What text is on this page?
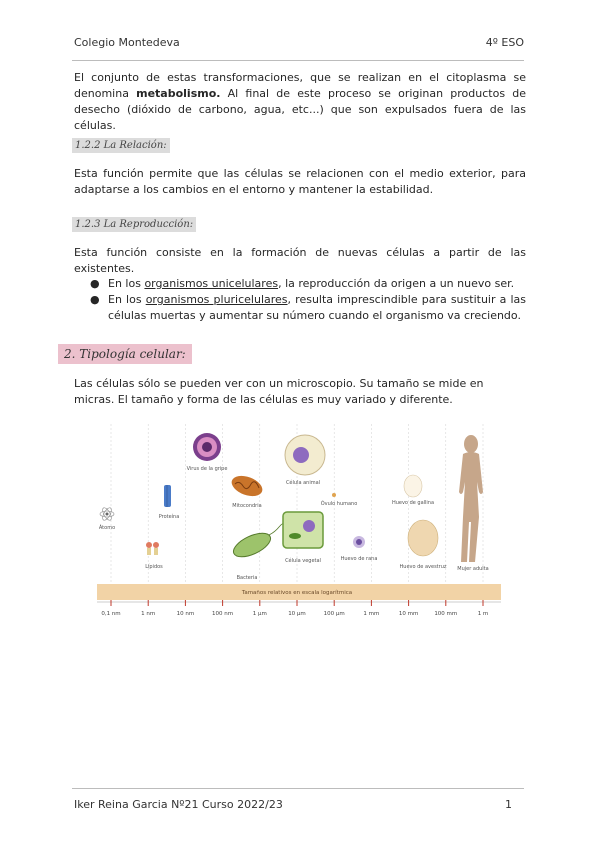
Colegio Montedeva	4º ESO
El conjunto de estas transformaciones, que se realizan en el citoplasma se denomina metabolismo. Al final de este proceso se originan productos de desecho (dióxido de carbono, agua, etc...) que son expulsados fuera de las células.
1.2.2 La Relación:
Esta función permite que las células se relacionen con el medio exterior, para adaptarse a los cambios en el entorno y mantener la estabilidad.
1.2.3 La Reproducción:
Esta función consiste en la formación de nuevas células a partir de las existentes.
● En los organismos unicelulares, la reproducción da origen a un nuevo ser.
● En los organismos pluricelulares, resulta imprescindible para sustituir a las células muertas y aumentar su número cuando el organismo va creciendo.
2. Tipología celular:
Las células sólo se pueden ver con un microscopio. Su tamaño se mide en micras. El tamaño y forma de las células es muy variado y diferente.
Átomo
Lípidos
Proteína
Virus de la gripe
Mitocondria
Bacteria
Célula animal
Célula vegetal
Óvulo humano
Huevo de rana
Huevo de gallina
Huevo de avestruz Mujer adulta
Tamaños relativos en escala logarítmica
0,1 nm	1 nm	10 nm	100 nm	1 µm	10 µm	100 µm	1 mm	10 mm	100 mm	1 m
Iker Reina Garcia Nº21 Curso 2022/23	1
